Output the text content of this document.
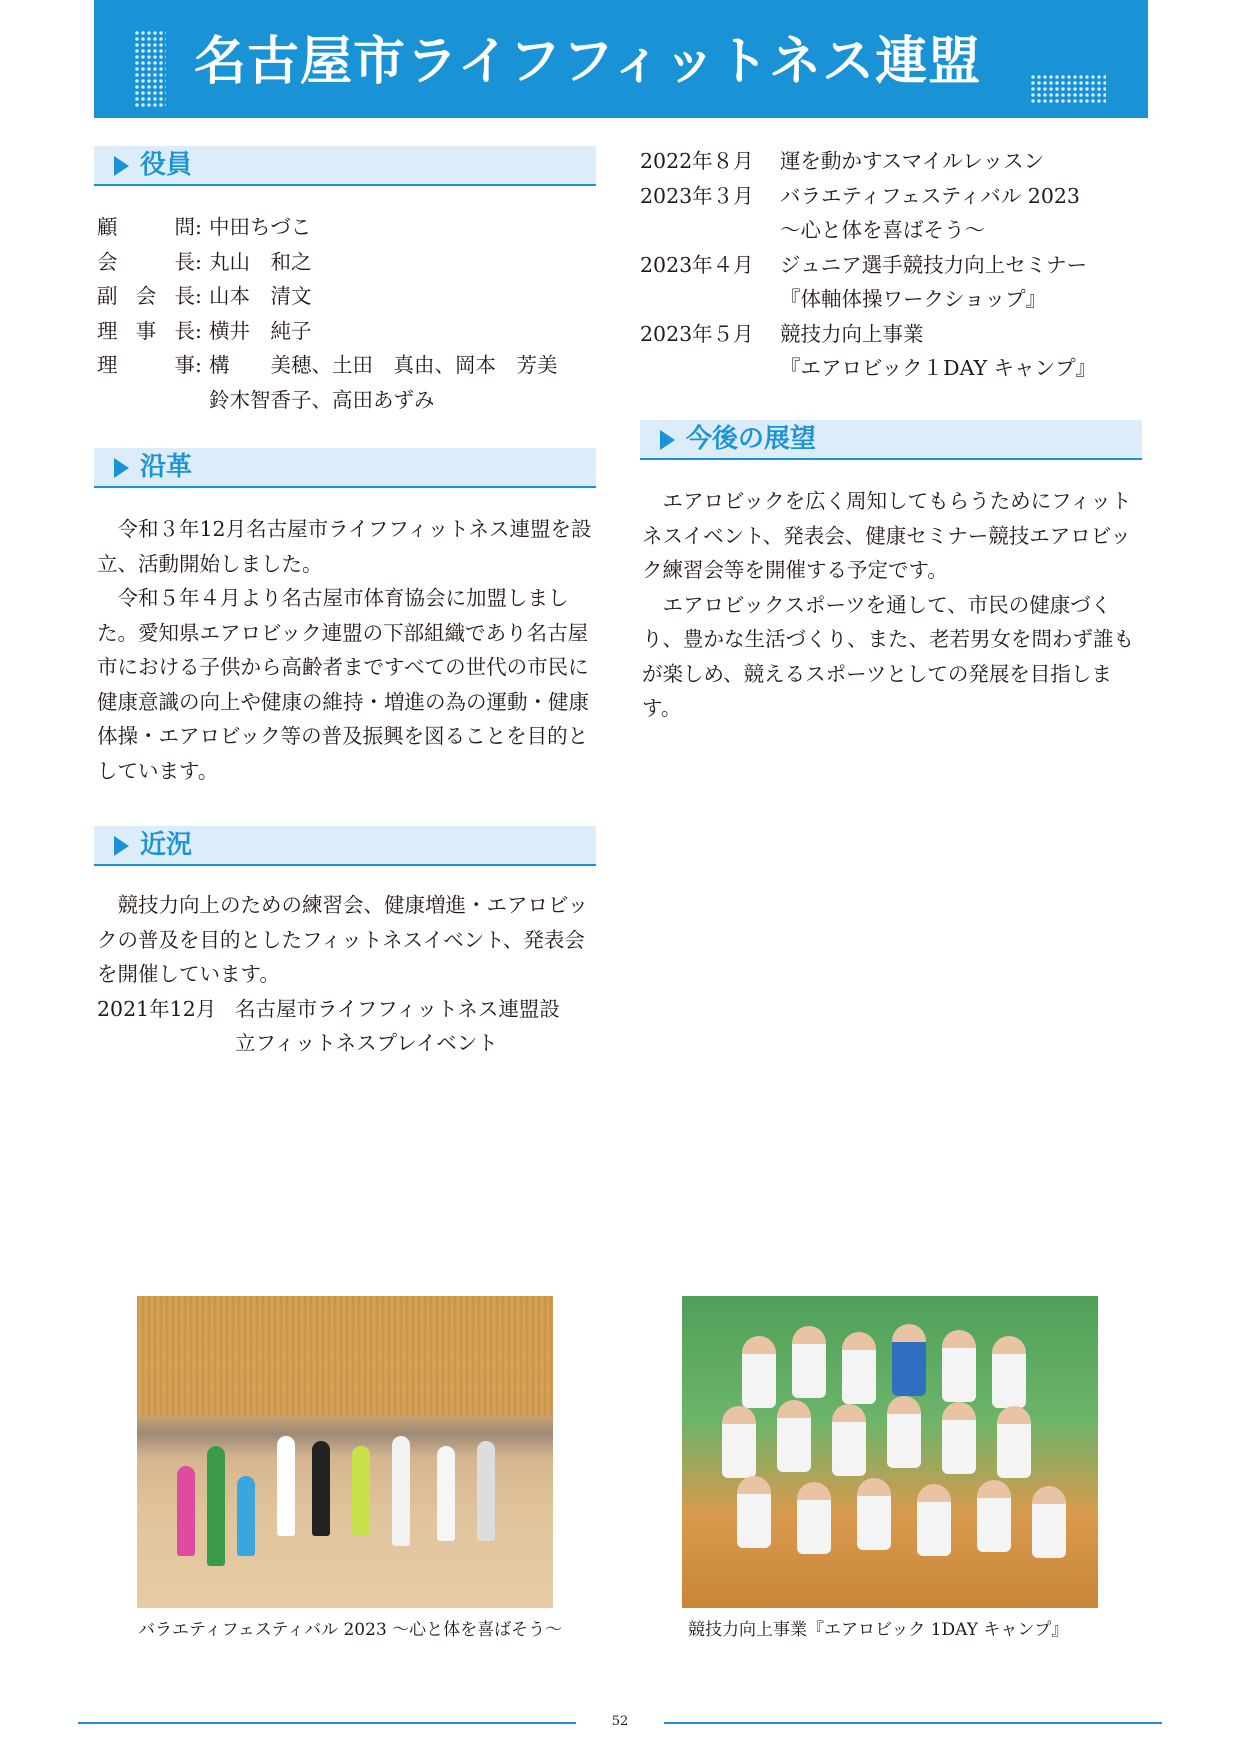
名古屋市ライフフィットネス連盟
役員
顧	問 : 中田ちづこ
会	長 : 丸山　和之
副 会 長 : 山本　清文
理 事 長 : 横井　純子
理	事 : 構　　美穂、土田　真由、岡本　芳美
鈴木智香子、高田あずみ
沿革

令和３年12月名古屋市ライフフィットネス連盟を設立、活動開始しました。

令和５年４月より名古屋市体育協会に加盟しました。愛知県エアロビック連盟の下部組織であり名古屋市における子供から高齢者まですべての世代の市民に健康意識の向上や健康の維持・増進の為の運動・健康体操・エアロビック等の普及振興を図ることを目的としています。

近況

競技力向上のための練習会、健康増進・エアロビックの普及を目的としたフィットネスイベント、発表会を開催しています。

2021年12月 名古屋市ライフフィットネス連盟設
立フィットネスプレイベント
2022年８月	運を動かすスマイルレッスン
2023年３月	バラエティフェスティバル 2023
～心と体を喜ばそう～
2023年４月	ジュニア選手競技力向上セミナー
『体軸体操ワークショップ』
2023年５月	競技力向上事業
『エアロビック１DAY キャンプ』
今後の展望

エアロビックを広く周知してもらうためにフィットネスイベント、発表会、健康セミナー競技エアロビック練習会等を開催する予定です。

エアロビックスポーツを通して、市民の健康づくり、豊かな生活づくり、また、老若男女を問わず誰もが楽しめ、競えるスポーツとしての発展を目指します。

バラエティフェスティバル 2023 ～心と体を喜ばそう～	競技力向上事業『エアロビック 1DAY キャンプ』
52
